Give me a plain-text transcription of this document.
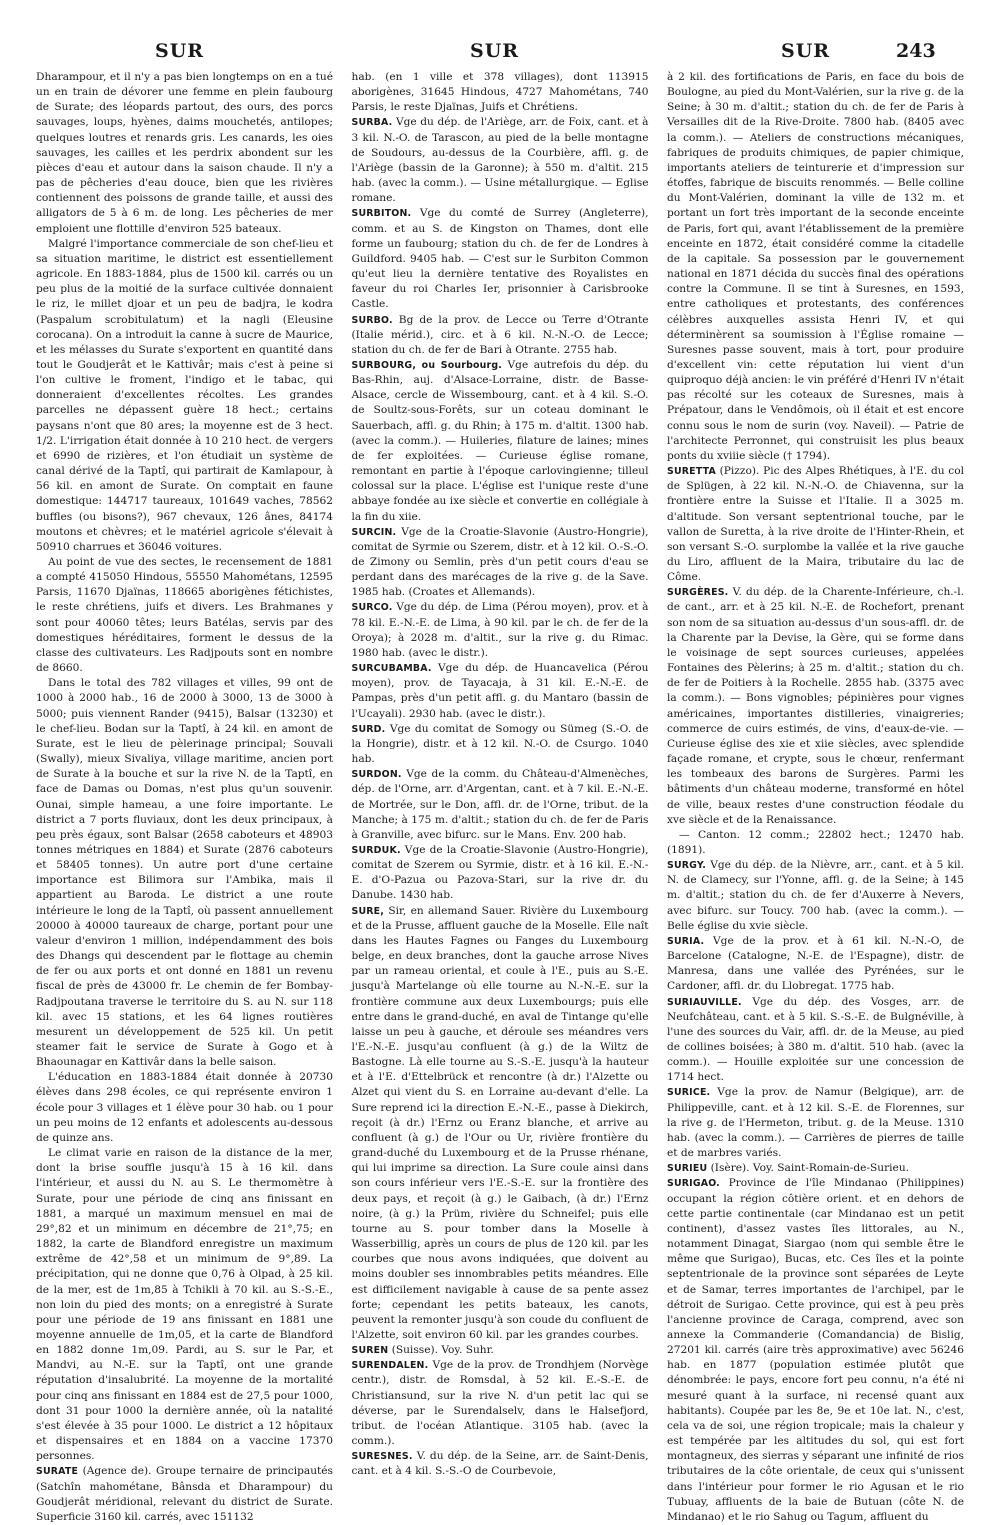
SUR	SUR	SUR	243

Dharampour, et il n'y a pas bien longtemps on en a tué un en train de dévorer une femme en plein faubourg de Surate; des léopards partout, des ours, des porcs sauvages, loups, hyènes, daims mouchetés, antilopes; quelques loutres et renards gris. Les canards, les oies sauvages, les cailles et les perdrix abondent sur les pièces d'eau et autour dans la saison chaude. Il n'y a pas de pêcheries d'eau douce, bien que les rivières contiennent des poissons de grande taille, et aussi des alligators de 5 à 6 m. de long. Les pêcheries de mer emploient une flottille d'environ 525 bateaux.

Malgré l'importance commerciale de son chef-lieu et sa situation maritime, le district est essentiellement agricole. En 1883-1884, plus de 1500 kil. carrés ou un peu plus de la moitié de la surface cultivée donnaient le riz, le millet djoar et un peu de badjra, le kodra (Paspalum scrobitulatum) et la nagli (Eleusine corocana). On a introduit la canne à sucre de Maurice, et les mélasses du Surate s'exportent en quantité dans tout le Goudjerât et le Kattivâr; mais c'est à peine si l'on cultive le froment, l'indigo et le tabac, qui donneraient d'excellentes récoltes. Les grandes parcelles ne dépassent guère 18 hect.; certains paysans n'ont que 80 ares; la moyenne est de 3 hect. 1/2. L'irrigation était donnée à 10 210 hect. de vergers et 6990 de rizières, et l'on étudiait un système de canal dérivé de la Taptî, qui partirait de Kamlapour, à 56 kil. en amont de Surate. On comptait en faune domestique: 144717 taureaux, 101649 vaches, 78562 buffles (ou bisons?), 967 chevaux, 126 ânes, 84174 moutons et chèvres; et le matériel agricole s'élevait à 50910 charrues et 36046 voitures.

Au point de vue des sectes, le recensement de 1881 a compté 415050 Hindous, 55550 Mahométans, 12595 Parsis, 11670 Djaïnas, 118665 aborigènes fétichistes, le reste chrétiens, juifs et divers. Les Brahmanes y sont pour 40060 têtes; leurs Batélas, servis par des domestiques héréditaires, forment le dessus de la classe des cultivateurs. Les Radjpouts sont en nombre de 8660.

Dans le total des 782 villages et villes, 99 ont de 1000 à 2000 hab., 16 de 2000 à 3000, 13 de 3000 à 5000; puis viennent Rander (9415), Balsar (13230) et le chef-lieu. Bodan sur la Taptî, à 24 kil. en amont de Surate, est le lieu de pèlerinage principal; Souvali (Swally), mieux Sivaliya, village maritime, ancien port de Surate à la bouche et sur la rive N. de la Taptî, en face de Damas ou Domas, n'est plus qu'un souvenir. Ounai, simple hameau, a une foire importante. Le district a 7 ports fluviaux, dont les deux principaux, à peu près égaux, sont Balsar (2658 caboteurs et 48903 tonnes métriques en 1884) et Surate (2876 caboteurs et 58405 tonnes). Un autre port d'une certaine importance est Bilimora sur l'Ambika, mais il appartient au Baroda. Le district a une route intérieure le long de la Taptî, où passent annuellement 20000 à 40000 taureaux de charge, portant pour une valeur d'environ 1 million, indépendamment des bois des Dhangs qui descendent par le flottage au chemin de fer ou aux ports et ont donné en 1881 un revenu fiscal de près de 43000 fr. Le chemin de fer Bombay-Radjpoutana traverse le territoire du S. au N. sur 118 kil. avec 15 stations, et les 64 lignes routières mesurent un développement de 525 kil. Un petit steamer fait le service de Surate à Gogo et à Bhaounagar en Kattivâr dans la belle saison.

L'éducation en 1883-1884 était donnée à 20730 élèves dans 298 écoles, ce qui représente environ 1 école pour 3 villages et 1 élève pour 30 hab. ou 1 pour un peu moins de 12 enfants et adolescents au-dessous de quinze ans.

Le climat varie en raison de la distance de la mer, dont la brise souffle jusqu'à 15 à 16 kil. dans l'intérieur, et aussi du N. au S. Le thermomètre à Surate, pour une période de cinq ans finissant en 1881, a marqué un maximum mensuel en mai de 29°,82 et un minimum en décembre de 21°,75; en 1882, la carte de Blandford enregistre un maximum extrême de 42°,58 et un minimum de 9°,89. La précipitation, qui ne donne que 0,76 à Olpad, à 25 kil. de la mer, est de 1m,85 à Tchikli à 70 kil. au S.-S.-E., non loin du pied des monts; on a enregistré à Surate pour une période de 19 ans finissant en 1881 une moyenne annuelle de 1m,05, et la carte de Blandford en 1882 donne 1m,09. Pardi, au S. sur le Par, et Mandvi, au N.-E. sur la Taptî, ont une grande réputation d'insalubrité. La moyenne de la mortalité pour cinq ans finissant en 1884 est de 27,5 pour 1000, dont 31 pour 1000 la dernière année, où la natalité s'est élevée à 35 pour 1000. Le district a 12 hôpitaux et dispensaires et en 1884 on a vaccine 17370 personnes.

SURATE (Agence de). Groupe ternaire de principautés (Satchîn mahométane, Bânsda et Dharampour) du Goudjerât méridional, relevant du district de Surate. Superficie 3160 kil. carrés, avec 151132

hab. (en 1 ville et 378 villages), dont 113915 aborigènes, 31645 Hindous, 4727 Mahométans, 740 Parsis, le reste Djaïnas, Juifs et Chrétiens.

SURBA. Vge du dép. de l'Ariège, arr. de Foix, cant. et à 3 kil. N.-O. de Tarascon, au pied de la belle montagne de Soudours, au-dessus de la Courbière, affl. g. de l'Ariège (bassin de la Garonne); à 550 m. d'altit. 215 hab. (avec la comm.). — Usine métallurgique. — Eglise romane.

SURBITON. Vge du comté de Surrey (Angleterre), comm. et au S. de Kingston on Thames, dont elle forme un faubourg; station du ch. de fer de Londres à Guildford. 9405 hab. — C'est sur le Surbiton Common qu'eut lieu la dernière tentative des Royalistes en faveur du roi Charles Ier, prisonnier à Carisbrooke Castle.

SURBO. Bg de la prov. de Lecce ou Terre d'Otrante (Italie mérid.), circ. et à 6 kil. N.-N.-O. de Lecce; station du ch. de fer de Bari à Otrante. 2755 hab.

SURBOURG, ou Sourbourg. Vge autrefois du dép. du Bas-Rhin, auj. d'Alsace-Lorraine, distr. de Basse-Alsace, cercle de Wissembourg, cant. et à 4 kil. S.-O. de Soultz-sous-Forêts, sur un coteau dominant le Sauerbach, affl. g. du Rhin; à 175 m. d'altit. 1300 hab. (avec la comm.). — Huileries, filature de laines; mines de fer exploitées. — Curieuse église romane, remontant en partie à l'époque carlovingienne; tilleul colossal sur la place. L'église est l'unique reste d'une abbaye fondée au ixe siècle et convertie en collégiale à la fin du xiie.

SURCIN. Vge de la Croatie-Slavonie (Austro-Hongrie), comitat de Syrmie ou Szerem, distr. et à 12 kil. O.-S.-O. de Zimony ou Semlin, près d'un petit cours d'eau se perdant dans des marécages de la rive g. de la Save. 1985 hab. (Croates et Allemands).

SURCO. Vge du dép. de Lima (Pérou moyen), prov. et à 78 kil. E.-N.-E. de Lima, à 90 kil. par le ch. de fer de la Oroya); à 2028 m. d'altit., sur la rive g. du Rimac. 1980 hab. (avec le distr.).

SURCUBAMBA. Vge du dép. de Huancavelica (Pérou moyen), prov. de Tayacaja, à 31 kil. E.-N.-E. de Pampas, près d'un petit affl. g. du Mantaro (bassin de l'Ucayali). 2930 hab. (avec le distr.).

SURD. Vge du comitat de Somogy ou Sümeg (S.-O. de la Hongrie), distr. et à 12 kil. N.-O. de Csurgo. 1040 hab.

SURDON. Vge de la comm. du Château-d'Almenèches, dép. de l'Orne, arr. d'Argentan, cant. et à 7 kil. E.-N.-E. de Mortrée, sur le Don, affl. dr. de l'Orne, tribut. de la Manche; à 175 m. d'altit.; station du ch. de fer de Paris à Granville, avec bifurc. sur le Mans. Env. 200 hab.

SURDUK. Vge de la Croatie-Slavonie (Austro-Hongrie), comitat de Szerem ou Syrmie, distr. et à 16 kil. E.-N.-E. d'O-Pazua ou Pazova-Stari, sur la rive dr. du Danube. 1430 hab.

SURE, Sir, en allemand Sauer. Rivière du Luxembourg et de la Prusse, affluent gauche de la Moselle. Elle naît dans les Hautes Fagnes ou Fanges du Luxembourg belge, en deux branches, dont la gauche arrose Nives par un rameau oriental, et coule à l'E., puis au S.-E. jusqu'à Martelange où elle tourne au N.-N.-E. sur la frontière commune aux deux Luxembourgs; puis elle entre dans le grand-duché, en aval de Tintange qu'elle laisse un peu à gauche, et déroule ses méandres vers l'E.-N.-E. jusqu'au confluent (à g.) de la Wiltz de Bastogne. Là elle tourne au S.-S.-E. jusqu'à la hauteur et à l'E. d'Ettelbrück et rencontre (à dr.) l'Alzette ou Alzet qui vient du S. en Lorraine au-devant d'elle. La Sure reprend ici la direction E.-N.-E., passe à Diekirch, reçoit (à dr.) l'Ernz ou Eranz blanche, et arrive au confluent (à g.) de l'Our ou Ur, rivière frontière du grand-duché du Luxembourg et de la Prusse rhénane, qui lui imprime sa direction. La Sure coule ainsi dans son cours inférieur vers l'E.-S.-E. sur la frontière des deux pays, et reçoit (à g.) le Gaibach, (à dr.) l'Ernz noire, (à g.) la Prüm, rivière du Schneifel; puis elle tourne au S. pour tomber dans la Moselle à Wasserbillig, après un cours de plus de 120 kil. par les courbes que nous avons indiquées, que doivent au moins doubler ses innombrables petits méandres. Elle est difficilement navigable à cause de sa pente assez forte; cependant les petits bateaux, les canots, peuvent la remonter jusqu'à son coude du confluent de l'Alzette, soit environ 60 kil. par les grandes courbes.

SUREN (Suisse). Voy. Suhr.

SURENDALEN. Vge de la prov. de Trondhjem (Norvège centr.), distr. de Romsdal, à 52 kil. E.-S.-E. de Christiansund, sur la rive N. d'un petit lac qui se déverse, par le Surendalselv, dans le Halsefjord, tribut. de l'océan Atlantique. 3105 hab. (avec la comm.).

SURESNES. V. du dép. de la Seine, arr. de Saint-Denis, cant. et à 4 kil. S.-S.-O de Courbevoie,

à 2 kil. des fortifications de Paris, en face du bois de Boulogne, au pied du Mont-Valérien, sur la rive g. de la Seine; à 30 m. d'altit.; station du ch. de fer de Paris à Versailles dit de la Rive-Droite. 7800 hab. (8405 avec la comm.). — Ateliers de constructions mécaniques, fabriques de produits chimiques, de papier chimique, importants ateliers de teinturerie et d'impression sur étoffes, fabrique de biscuits renommés. — Belle colline du Mont-Valérien, dominant la ville de 132 m. et portant un fort très important de la seconde enceinte de Paris, fort qui, avant l'établissement de la première enceinte en 1872, était considéré comme la citadelle de la capitale. Sa possession par le gouvernement national en 1871 décida du succès final des opérations contre la Commune. Il se tint à Suresnes, en 1593, entre catholiques et protestants, des conférences célèbres auxquelles assista Henri IV, et qui déterminèrent sa soumission à l'Église romaine — Suresnes passe souvent, mais à tort, pour produire d'excellent vin: cette réputation lui vient d'un quiproquo déjà ancien: le vin préféré d'Henri IV n'était pas récolté sur les coteaux de Suresnes, mais à Prépatour, dans le Vendômois, où il était et est encore connu sous le nom de surin (voy. Naveil). — Patrie de l'architecte Perronnet, qui construisit les plus beaux ponts du xviiie siècle († 1794).

SURETTA (Pizzo). Pic des Alpes Rhétiques, à l'E. du col de Splügen, à 22 kil. N.-N.-O. de Chiavenna, sur la frontière entre la Suisse et l'Italie. Il a 3025 m. d'altitude. Son versant septentrional touche, par le vallon de Suretta, à la rive droite de l'Hinter-Rhein, et son versant S.-O. surplombe la vallée et la rive gauche du Liro, affluent de la Maira, tributaire du lac de Côme.

SURGÈRES. V. du dép. de la Charente-Inférieure, ch.-l. de cant., arr. et à 25 kil. N.-E. de Rochefort, prenant son nom de sa situation au-dessus d'un sous-affl. dr. de la Charente par la Devise, la Gère, qui se forme dans le voisinage de sept sources curieuses, appelées Fontaines des Pèlerins; à 25 m. d'altit.; station du ch. de fer de Poitiers à la Rochelle. 2855 hab. (3375 avec la comm.). — Bons vignobles; pépinières pour vignes américaines, importantes distilleries, vinaigreries; commerce de cuirs estimés, de vins, d'eaux-de-vie. — Curieuse église des xie et xiie siècles, avec splendide façade romane, et crypte, sous le chœur, renfermant les tombeaux des barons de Surgères. Parmi les bâtiments d'un château moderne, transformé en hôtel de ville, beaux restes d'une construction féodale du xve siècle et de la Renaissance.

— Canton. 12 comm.; 22802 hect.; 12470 hab. (1891).

SURGY. Vge du dép. de la Nièvre, arr., cant. et à 5 kil. N. de Clamecy, sur l'Yonne, affl. g. de la Seine; à 145 m. d'altit.; station du ch. de fer d'Auxerre à Nevers, avec bifurc. sur Toucy. 700 hab. (avec la comm.). — Belle église du xvie siècle.

SURIA. Vge de la prov. et à 61 kil. N.-N.-O, de Barcelone (Catalogne, N.-E. de l'Espagne), distr. de Manresa, dans une vallée des Pyrénées, sur le Cardoner, affl. dr. du Llobregat. 1775 hab.

SURIAUVILLE. Vge du dép. des Vosges, arr. de Neufchâteau, cant. et à 5 kil. S.-S.-E. de Bulgnéville, à l'une des sources du Vair, affl. dr. de la Meuse, au pied de collines boisées; à 380 m. d'altit. 510 hab. (avec la comm.). — Houille exploitée sur une concession de 1714 hect.

SURICE. Vge la prov. de Namur (Belgique), arr. de Philippeville, cant. et à 12 kil. S.-E. de Florennes, sur la rive g. de l'Hermeton, tribut. g. de la Meuse. 1310 hab. (avec la comm.). — Carrières de pierres de taille et de marbres variés.

SURIEU (Isère). Voy. Saint-Romain-de-Surieu.

SURIGAO. Province de l'île Mindanao (Philippines) occupant la région côtière orient. et en dehors de cette partie continentale (car Mindanao est un petit continent), d'assez vastes îles littorales, au N., notamment Dinagat, Siargao (nom qui semble être le même que Surigao), Bucas, etc. Ces îles et la pointe septentrionale de la province sont séparées de Leyte et de Samar, terres importantes de l'archipel, par le détroit de Surigao. Cette province, qui est à peu près l'ancienne province de Caraga, comprend, avec son annexe la Commanderie (Comandancia) de Bislig, 27201 kil. carrés (aire très approximative) avec 56246 hab. en 1877 (population estimée plutôt que dénombrée: le pays, encore fort peu connu, n'a été ni mesuré quant à la surface, ni recensé quant aux habitants). Coupée par les 8e, 9e et 10e lat. N., c'est, cela va de soi, une région tropicale; mais la chaleur y est tempérée par les altitudes du sol, qui est fort montagneux, des sierras y séparant une infinité de rios tributaires de la côte orientale, de ceux qui s'unissent dans l'intérieur pour former le rio Agusan et le rio Tubuay, affluents de la baie de Butuan (côte N. de Mindanao) et le rio Sahug ou Tagum, affluent du
